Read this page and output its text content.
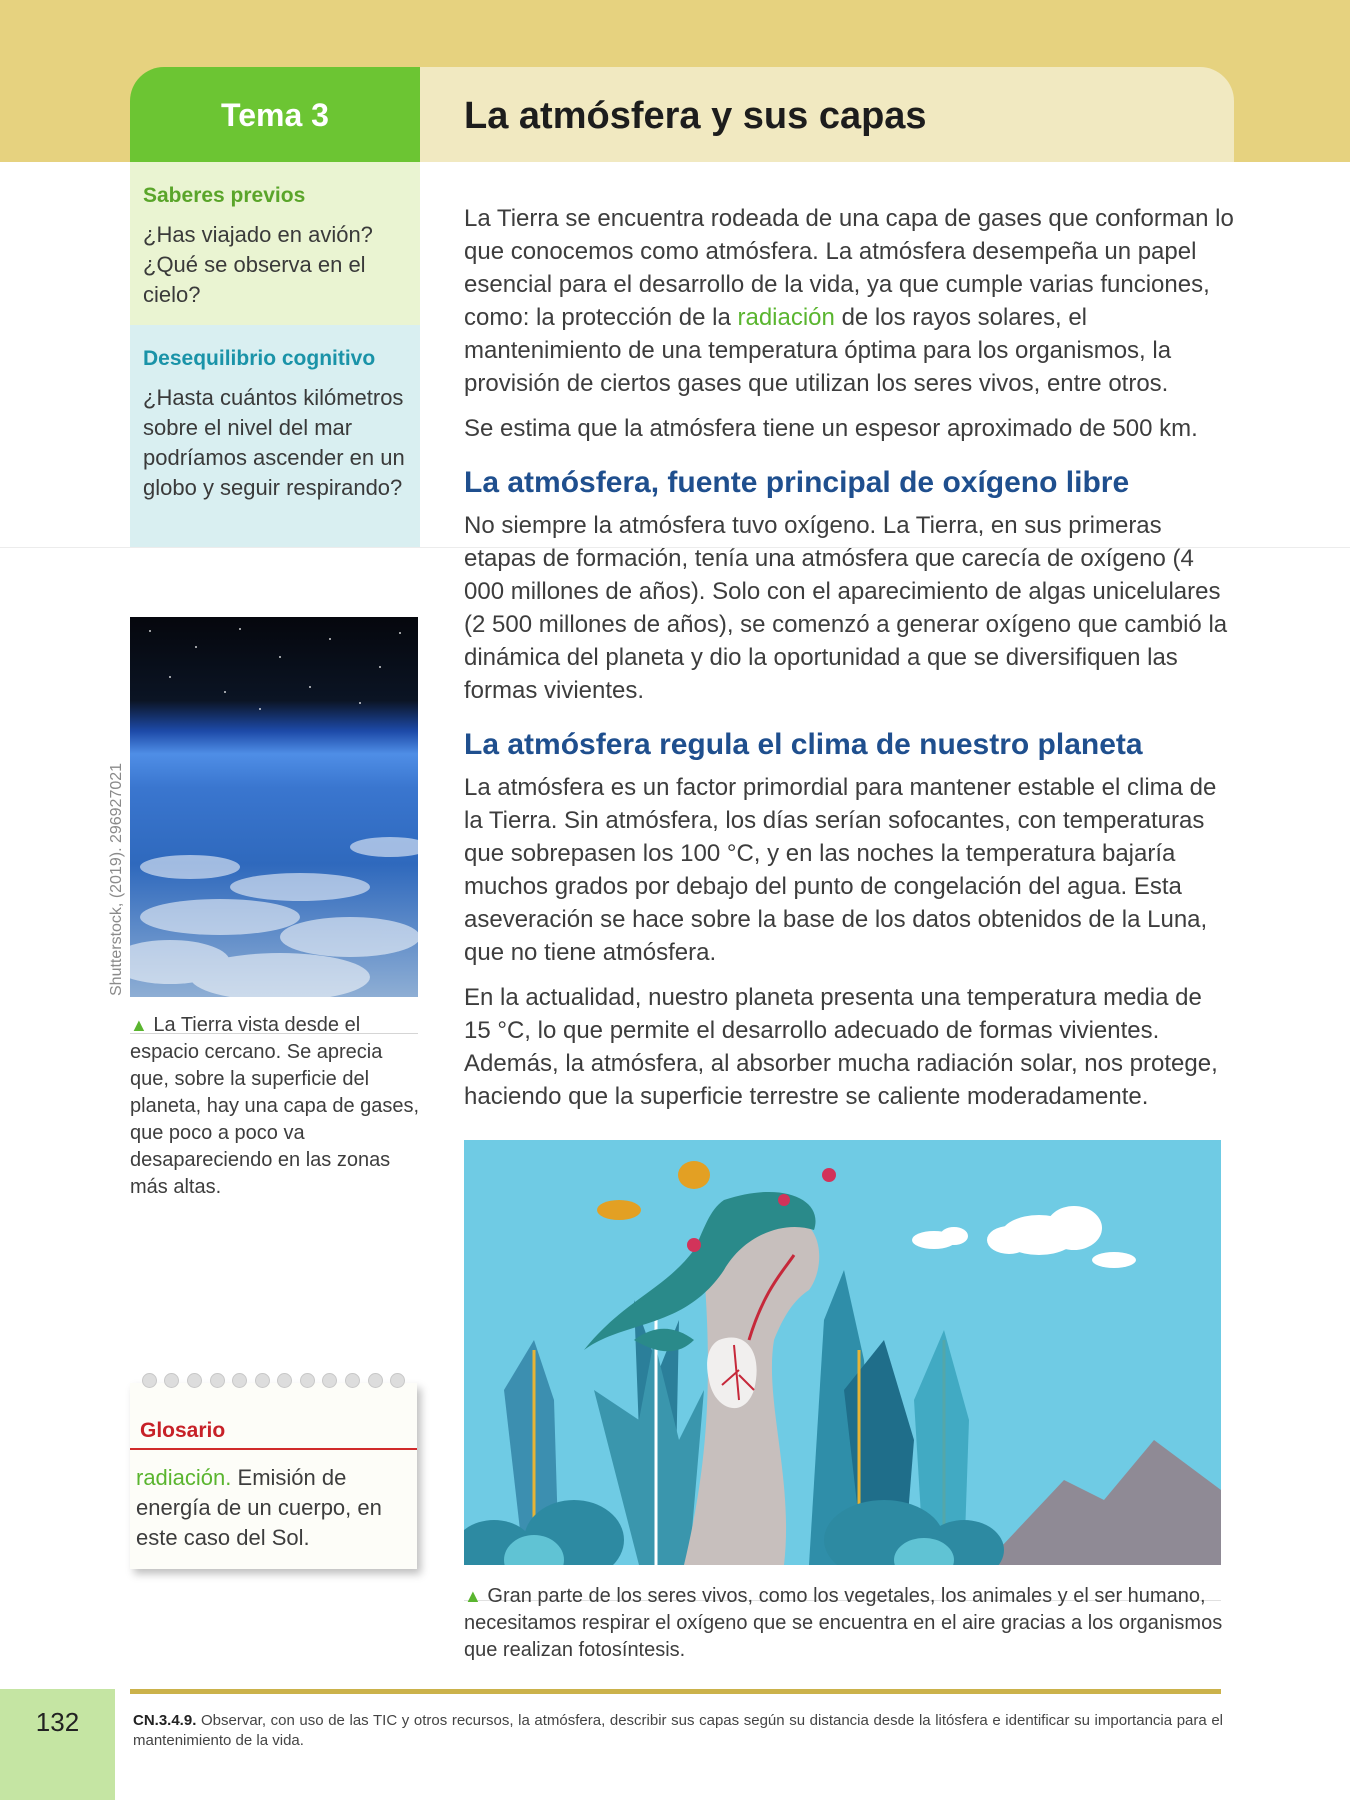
Tema 3	La atmósfera y sus capas
Saberes previos
¿Has viajado en avión? ¿Qué se observa en el cielo?
Desequilibrio cognitivo
¿Hasta cuántos kilómetros sobre el nivel del mar podríamos ascender en un globo y seguir respirando?

La Tierra se encuentra rodeada de una capa de gases que conforman lo que conocemos como atmósfera. La atmósfera desempeña un papel esencial para el desarrollo de la vida, ya que cumple varias funciones, como: la protección de la radiación de los rayos solares, el mantenimiento de una temperatura óptima para los organismos, la provisión de ciertos gases que utilizan los seres vivos, entre otros.

Se estima que la atmósfera tiene un espesor aproximado de 500 km.

La atmósfera, fuente principal de oxígeno libre

No siempre la atmósfera tuvo oxígeno. La Tierra, en sus primeras etapas de formación, tenía una atmósfera que carecía de oxígeno (4 000 millones de años). Solo con el aparecimiento de algas unicelulares (2 500 millones de años), se comenzó a generar oxígeno que cambió la dinámica del planeta y dio la oportunidad a que se diversifiquen las formas vivientes.

La atmósfera regula el clima de nuestro planeta

La atmósfera es un factor primordial para mantener estable el clima de la Tierra. Sin atmósfera, los días serían sofocantes, con temperaturas que sobrepasen los 100 °C, y en las noches la temperatura bajaría muchos grados por debajo del punto de congelación del agua. Esta aseveración se hace sobre la base de los datos obtenidos de la Luna, que no tiene atmósfera.

En la actualidad, nuestro planeta presenta una temperatura media de 15 °C, lo que permite el desarrollo adecuado de formas vivientes. Además, la atmósfera, al absorber mucha radiación solar, nos protege, haciendo que la superficie terrestre se caliente moderadamente.

Shutterstock, (2019). 296927021
▲ La Tierra vista desde el espacio cercano. Se aprecia que, sobre la superficie del planeta, hay una capa de gases, que poco a poco va desapareciendo en las zonas más altas.
Glosario
radiación. Emisión de energía de un cuerpo, en este caso del Sol.
▲ Gran parte de los seres vivos, como los vegetales, los animales y el ser humano, necesitamos respirar el oxígeno que se encuentra en el aire gracias a los organismos que realizan fotosíntesis.
132	CN.3.4.9. Observar, con uso de las TIC y otros recursos, la atmósfera, describir sus capas según su distancia desde la litósfera e identificar su importancia para el mantenimiento de la vida.
